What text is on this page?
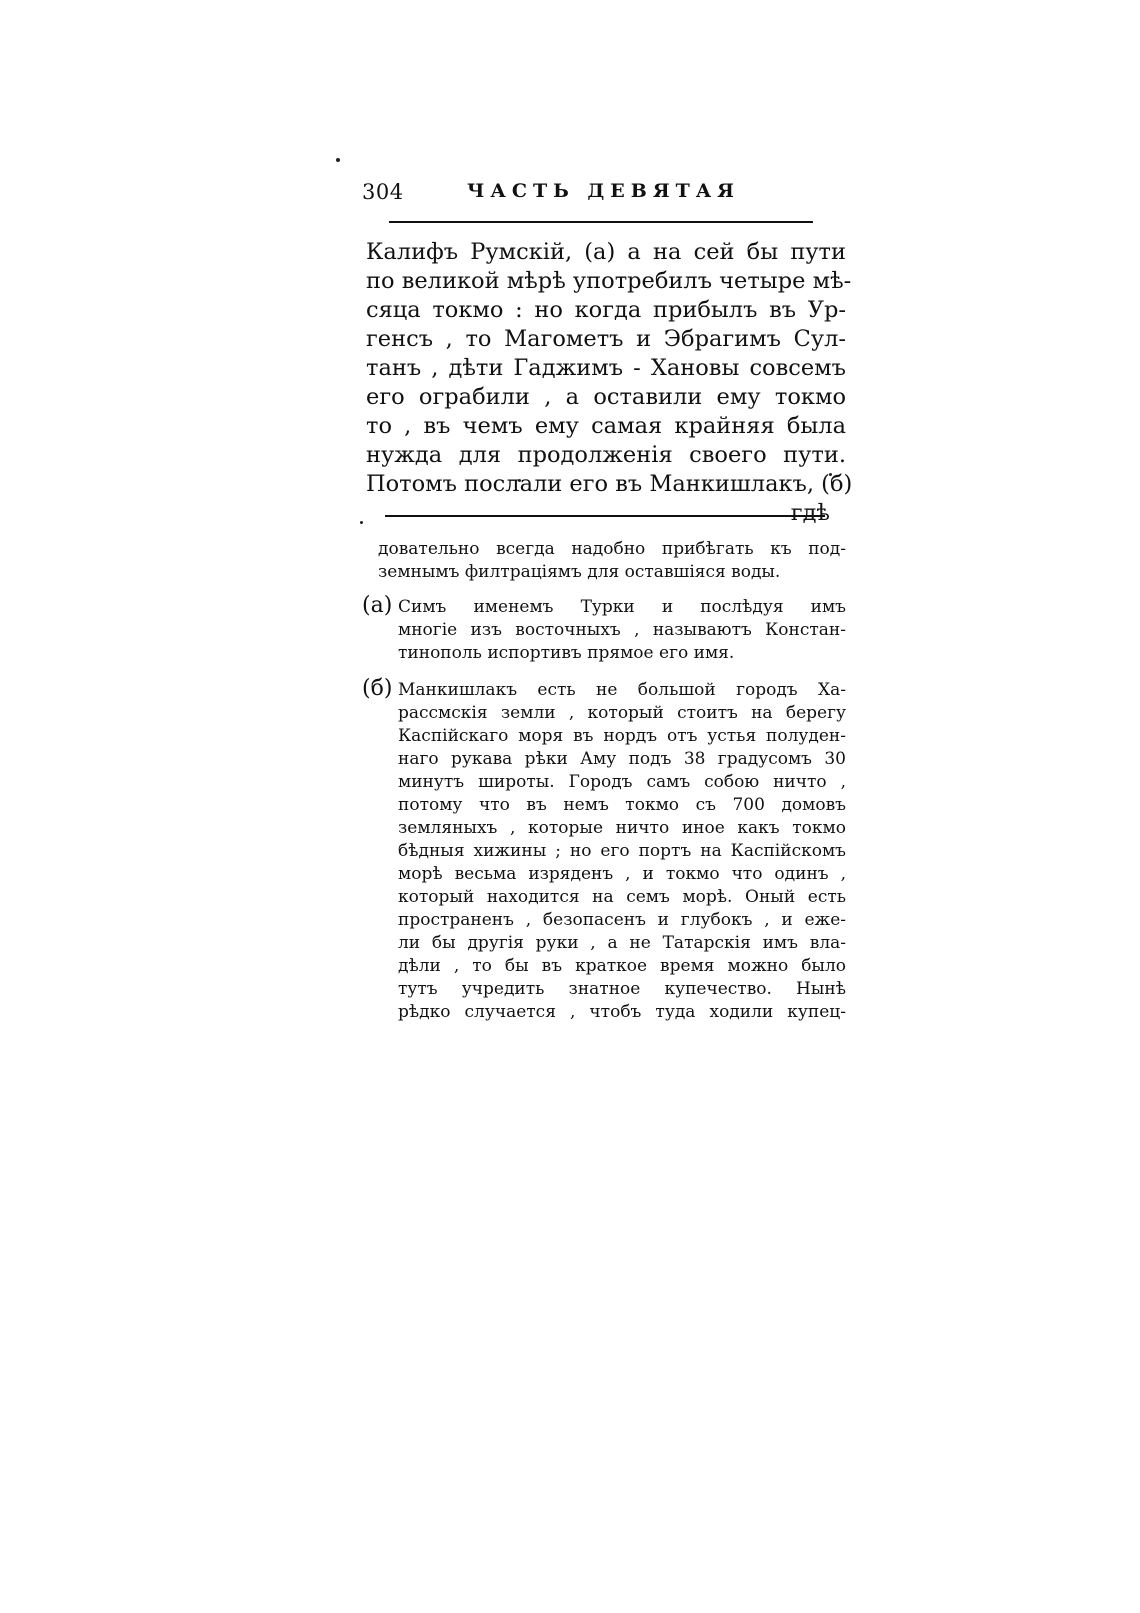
304	ЧАСТЬ ДЕВЯТАЯ
Калифъ Румскій, (а) а на сей бы пути
по великой мѣрѣ употребилъ четыре мѣ-
сяца токмо : но когда прибылъ въ Ур-
генсъ , то Магометъ и Эбрагимъ Сул-
танъ , дѣти Гаджимъ - Хановы совсемъ
его ограбили , а оставили ему токмо
то , въ чемъ ему самая крайняя была
нужда для продолженія своего пути.
Потомъ послали его въ Манкишлакъ, (б)
гдѣ
довательно всегда надобно прибѣгать къ под-
земнымъ филтраціямъ для оставшіяся воды.
(а) Симъ именемъ Турки и послѣдуя имъ
многіе изъ восточныхъ , называютъ Констан-
тинополь испортивъ прямое его имя.
(б) Манкишлакъ есть не большой городъ Ха-
рассмскія земли , который стоитъ на берегу
Каспійскаго моря въ нордъ отъ устья полуден-
наго рукава рѣки Аму подъ 38 градусомъ 30
минутъ широты. Городъ самъ собою ничто ,
потому что въ немъ токмо съ 700 домовъ
земляныхъ , которые ничто иное какъ токмо
бѣдныя хижины ; но его портъ на Каспійскомъ
морѣ весьма изряденъ , и токмо что одинъ ,
который находится на семъ морѣ. Оный есть
пространенъ , безопасенъ и глубокъ , и еже-
ли бы другія руки , а не Татарскія имъ вла-
дѣли , то бы въ краткое время можно было
тутъ учредить знатное купечество. Нынѣ
рѣдко случается , чтобъ туда ходили купец-
